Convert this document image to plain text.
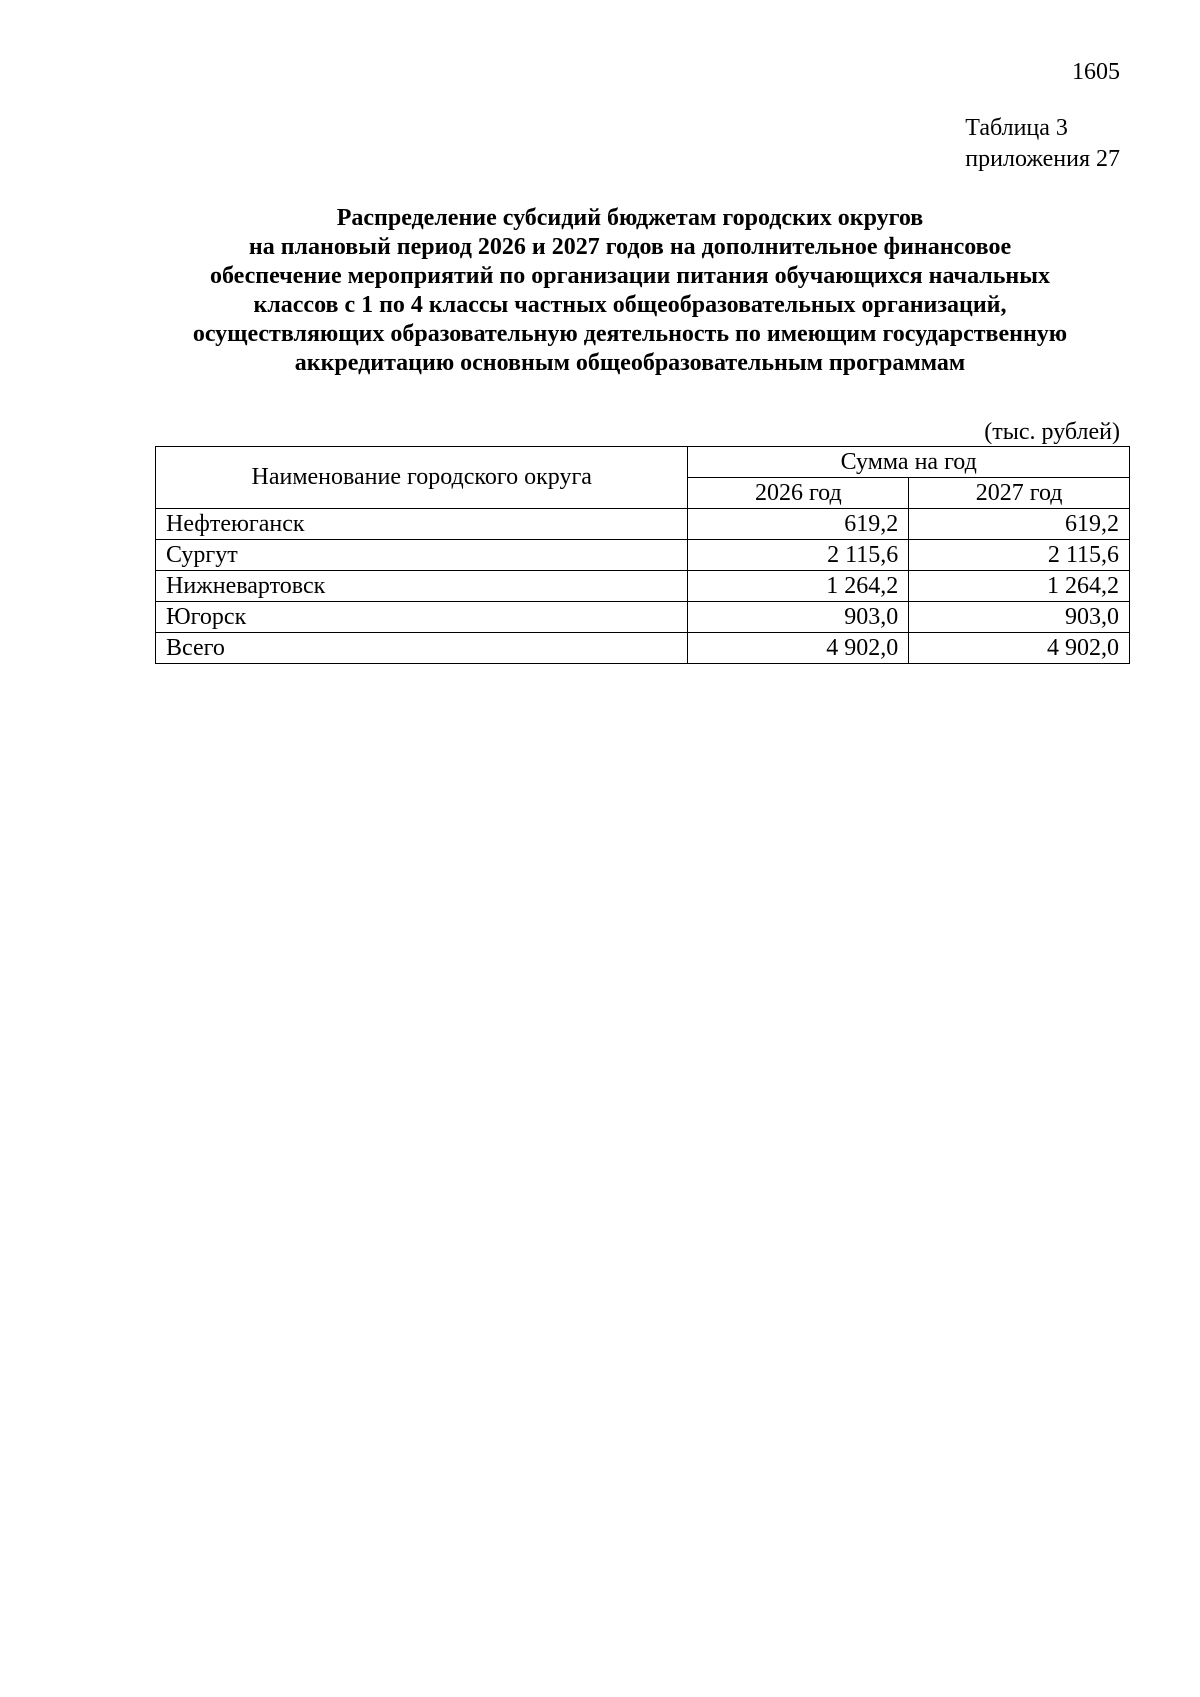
1605
Таблица 3
приложения 27
Распределение субсидий бюджетам городских округов
на плановый период 2026 и 2027 годов на дополнительное финансовое
обеспечение мероприятий по организации питания обучающихся начальных
классов с 1 по 4 классы частных общеобразовательных организаций,
осуществляющих образовательную деятельность по имеющим государственную
аккредитацию основным общеобразовательным программам
(тыс. рублей)
Наименование городского округа	Сумма на год	
	2026 год	2027 год
Нефтеюганск	619,2	619,2
Сургут	2 115,6	2 115,6
Нижневартовск	1 264,2	1 264,2
Югорск	903,0	903,0
Всего	4 902,0	4 902,0
